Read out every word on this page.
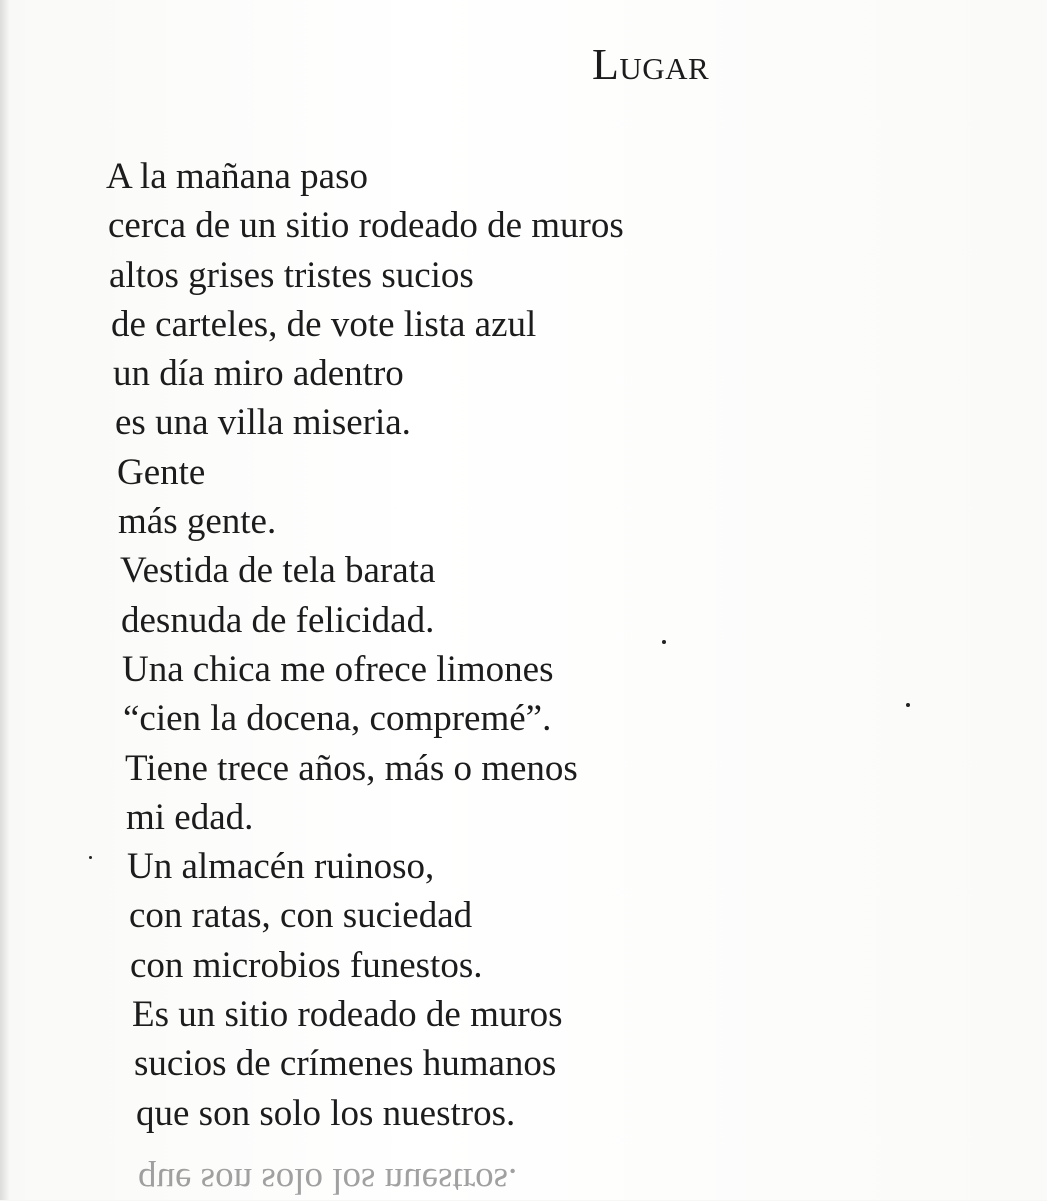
Lugar
A la mañana paso
cerca de un sitio rodeado de muros
altos grises tristes sucios
de carteles, de vote lista azul
un día miro adentro
es una villa miseria.
Gente
más gente.
Vestida de tela barata
desnuda de felicidad.
Una chica me ofrece limones
“cien la docena, compremé”.
Tiene trece años, más o menos
mi edad.
Un almacén ruinoso,
con ratas, con suciedad
con microbios funestos.
Es un sitio rodeado de muros
sucios de crímenes humanos
que son solo los nuestros.
que son solo los nuestros.
